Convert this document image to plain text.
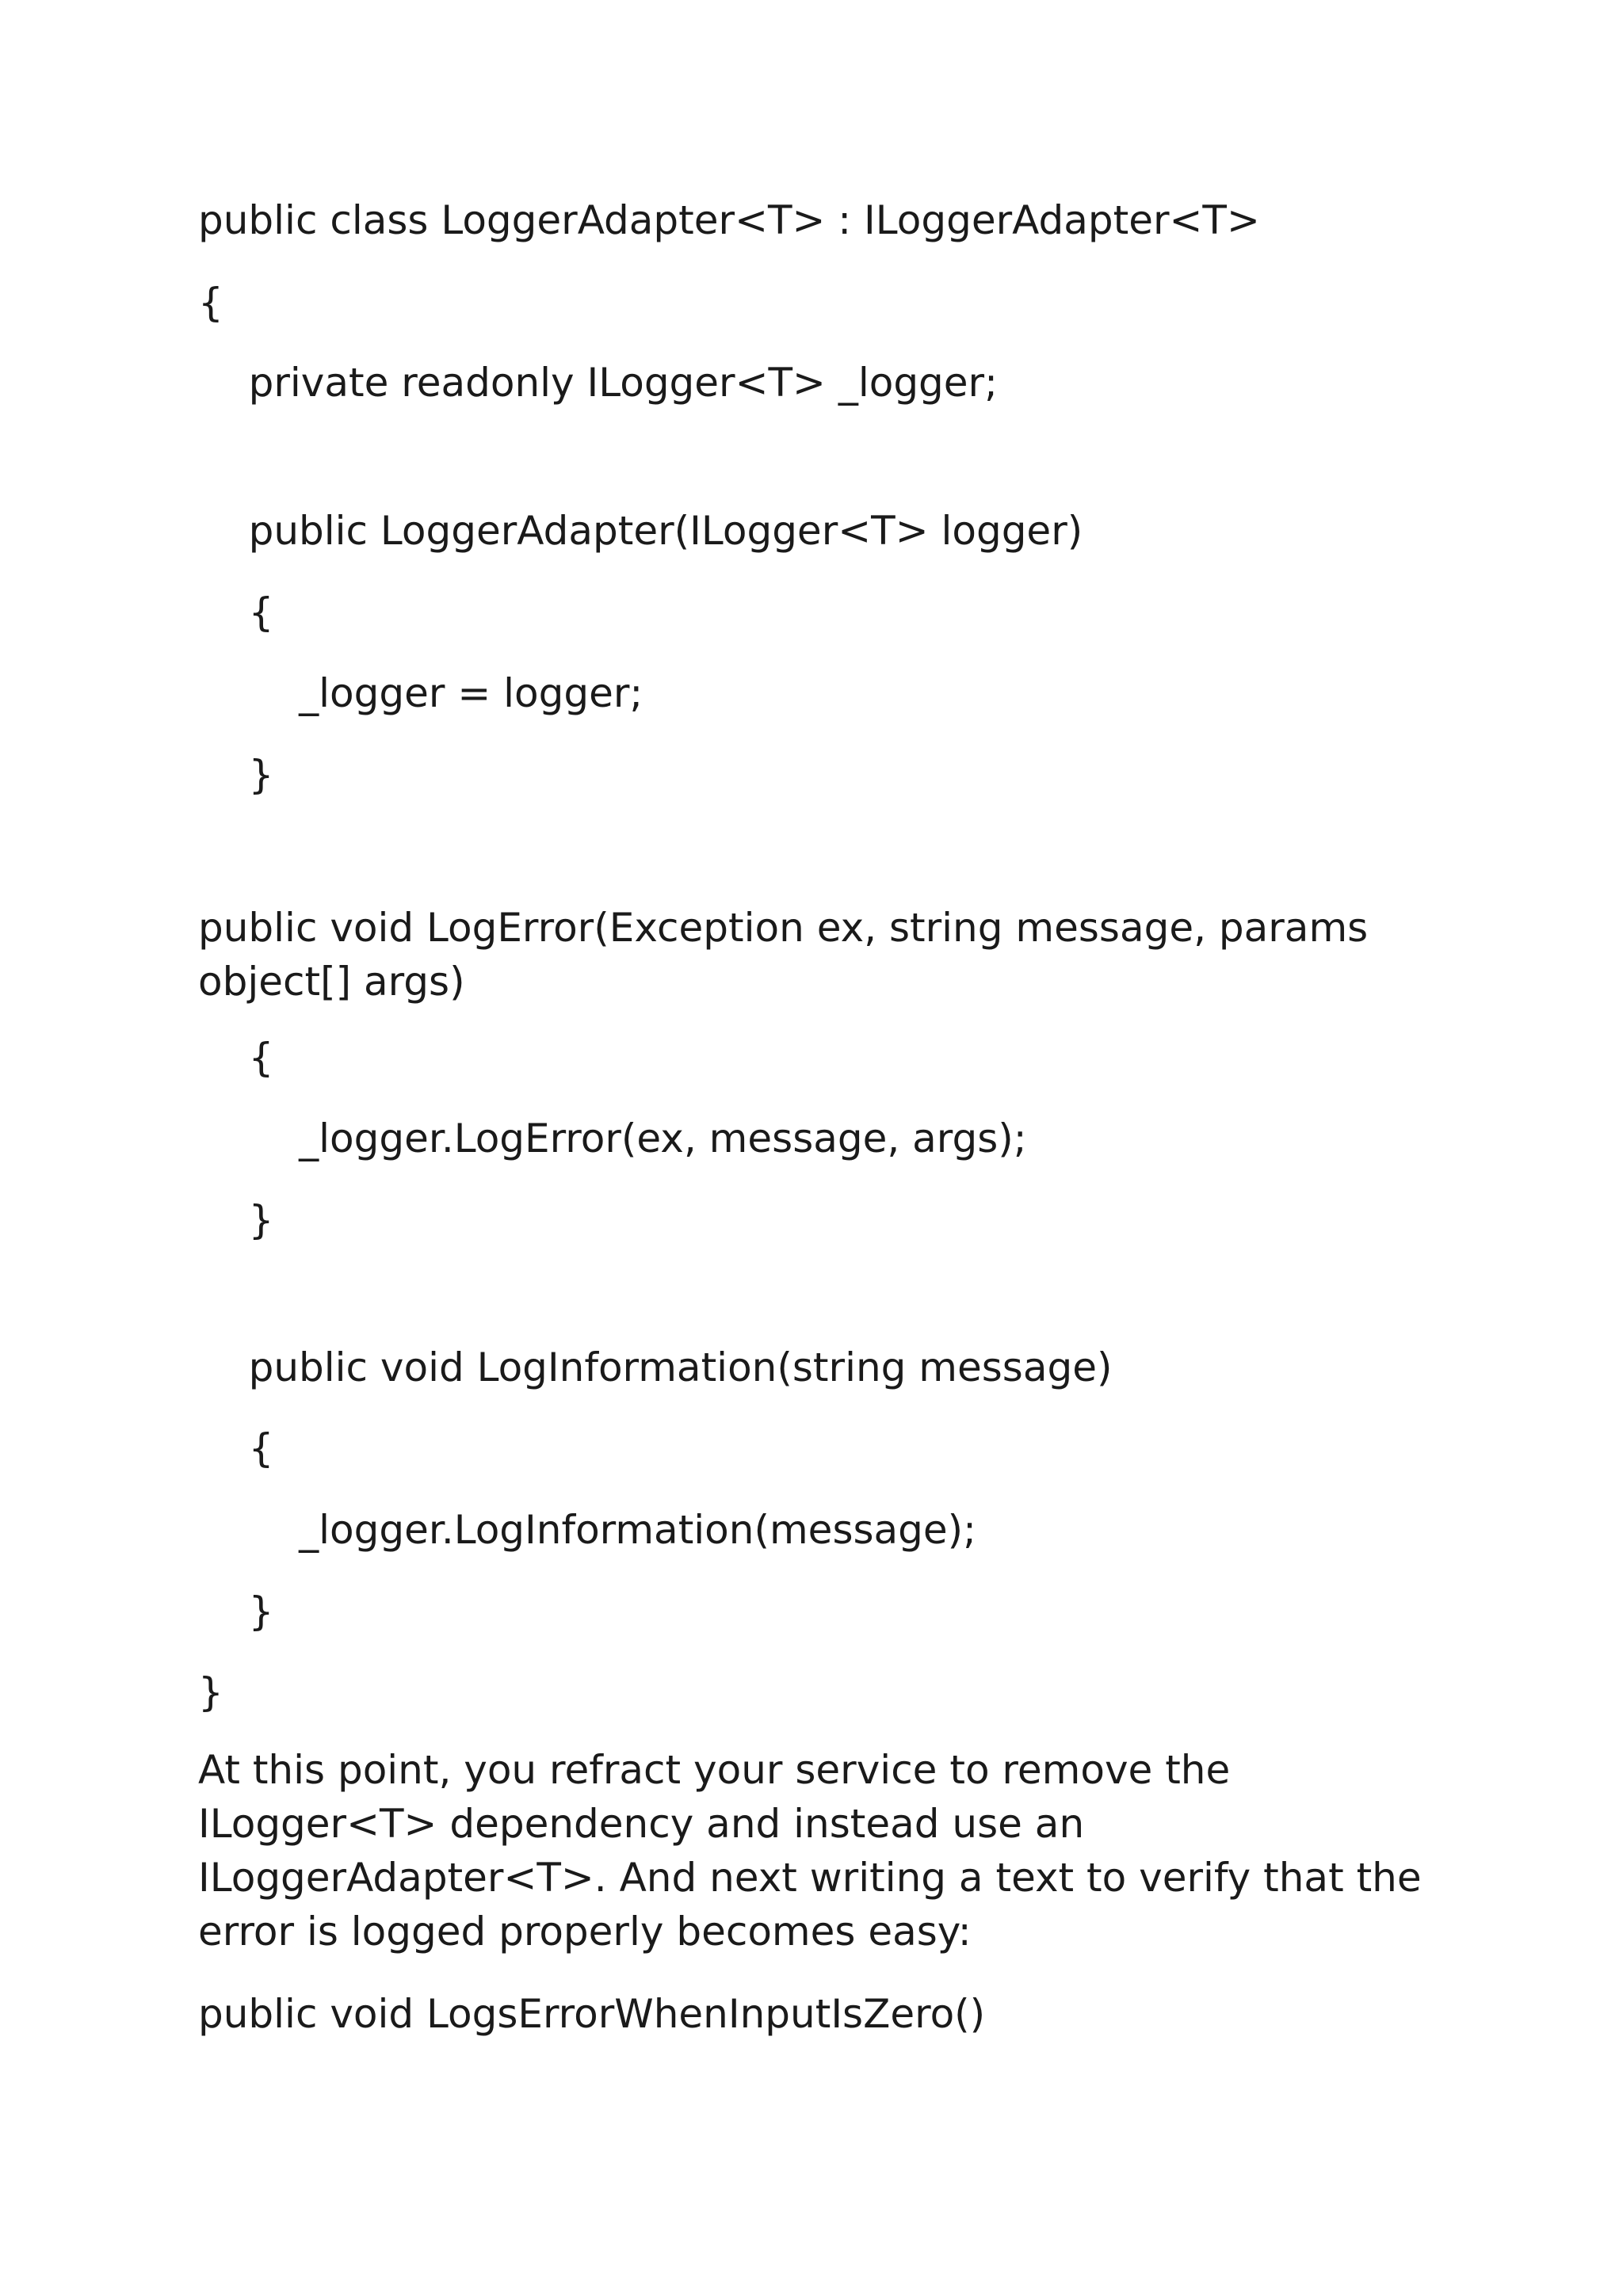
public class LoggerAdapter<T> : ILoggerAdapter<T>

{

private readonly ILogger<T> _logger;

public LoggerAdapter(ILogger<T> logger)

{

_logger = logger;

}

public void LogError(Exception ex, string message, params object[] args)

{

_logger.LogError(ex, message, args);

}

public void LogInformation(string message)

{

_logger.LogInformation(message);

}

}

At this point, you refract your service to remove the ILogger<T> dependency and instead use an ILoggerAdapter<T>. And next writing a text to verify that the error is logged properly becomes easy:

public void LogsErrorWhenInputIsZero()
